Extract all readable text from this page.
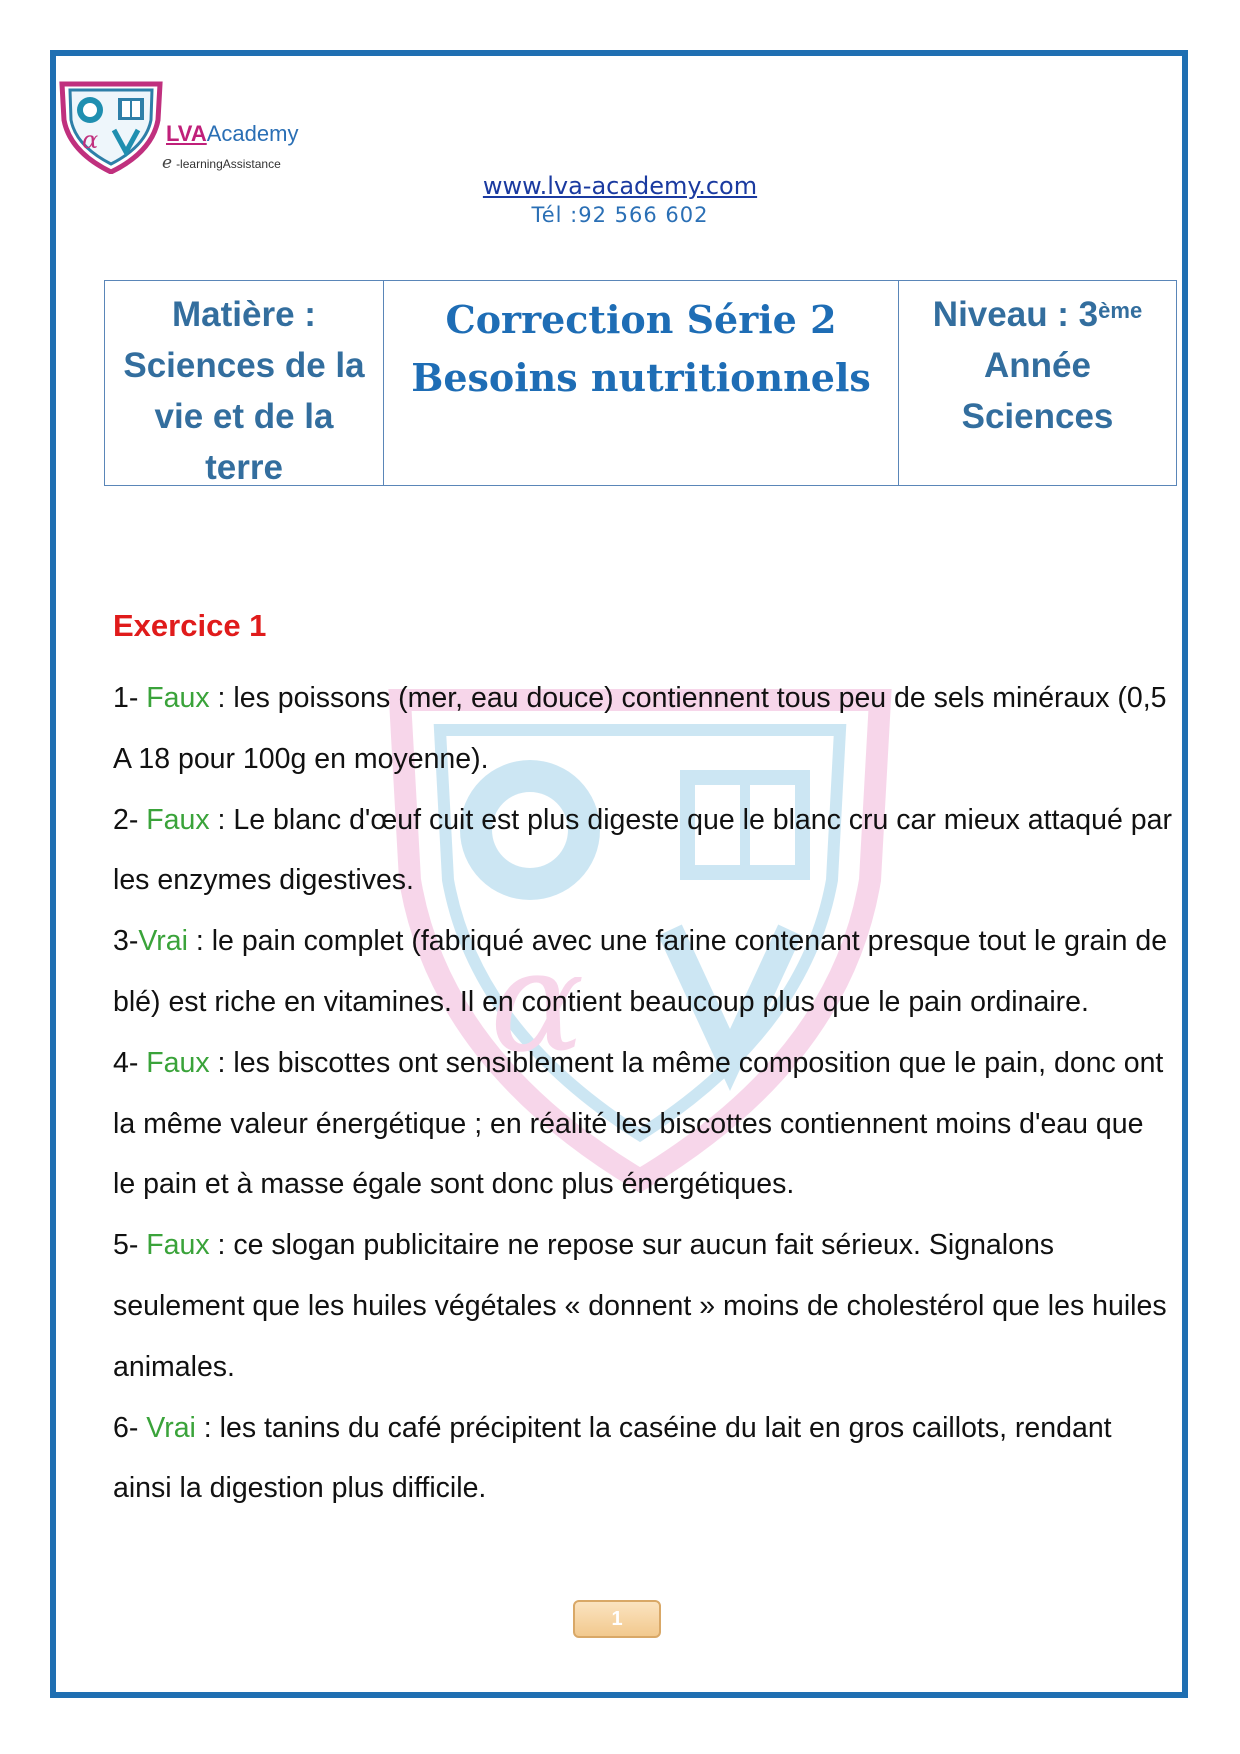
α	LVAAcademy
e -learningAssistance
www.lva-academy.com
Tél :92 566 602
Matière :
Sciences de la
vie et de la
terre
Correction Série 2
Besoins nutritionnels
Niveau : 3ème
Année
Sciences
α
Exercice 1

1- Faux : les poissons (mer, eau douce) contiennent tous peu de sels minéraux (0,5 A 18 pour 100g en moyenne).

2- Faux : Le blanc d'œuf cuit est plus digeste que le blanc cru car mieux attaqué par les enzymes digestives.

3-Vrai : le pain complet (fabriqué avec une farine contenant presque tout le grain de blé) est riche en vitamines. Il en contient beaucoup plus que le pain ordinaire.

4- Faux : les biscottes ont sensiblement la même composition que le pain, donc ont la même valeur énergétique ; en réalité les biscottes contiennent moins d'eau que le pain et à masse égale sont donc plus énergétiques.

5- Faux : ce slogan publicitaire ne repose sur aucun fait sérieux. Signalons seulement que les huiles végétales « donnent » moins de cholestérol que les huiles animales.

6- Vrai : les tanins du café précipitent la caséine du lait en gros caillots, rendant ainsi la digestion plus difficile.

1
